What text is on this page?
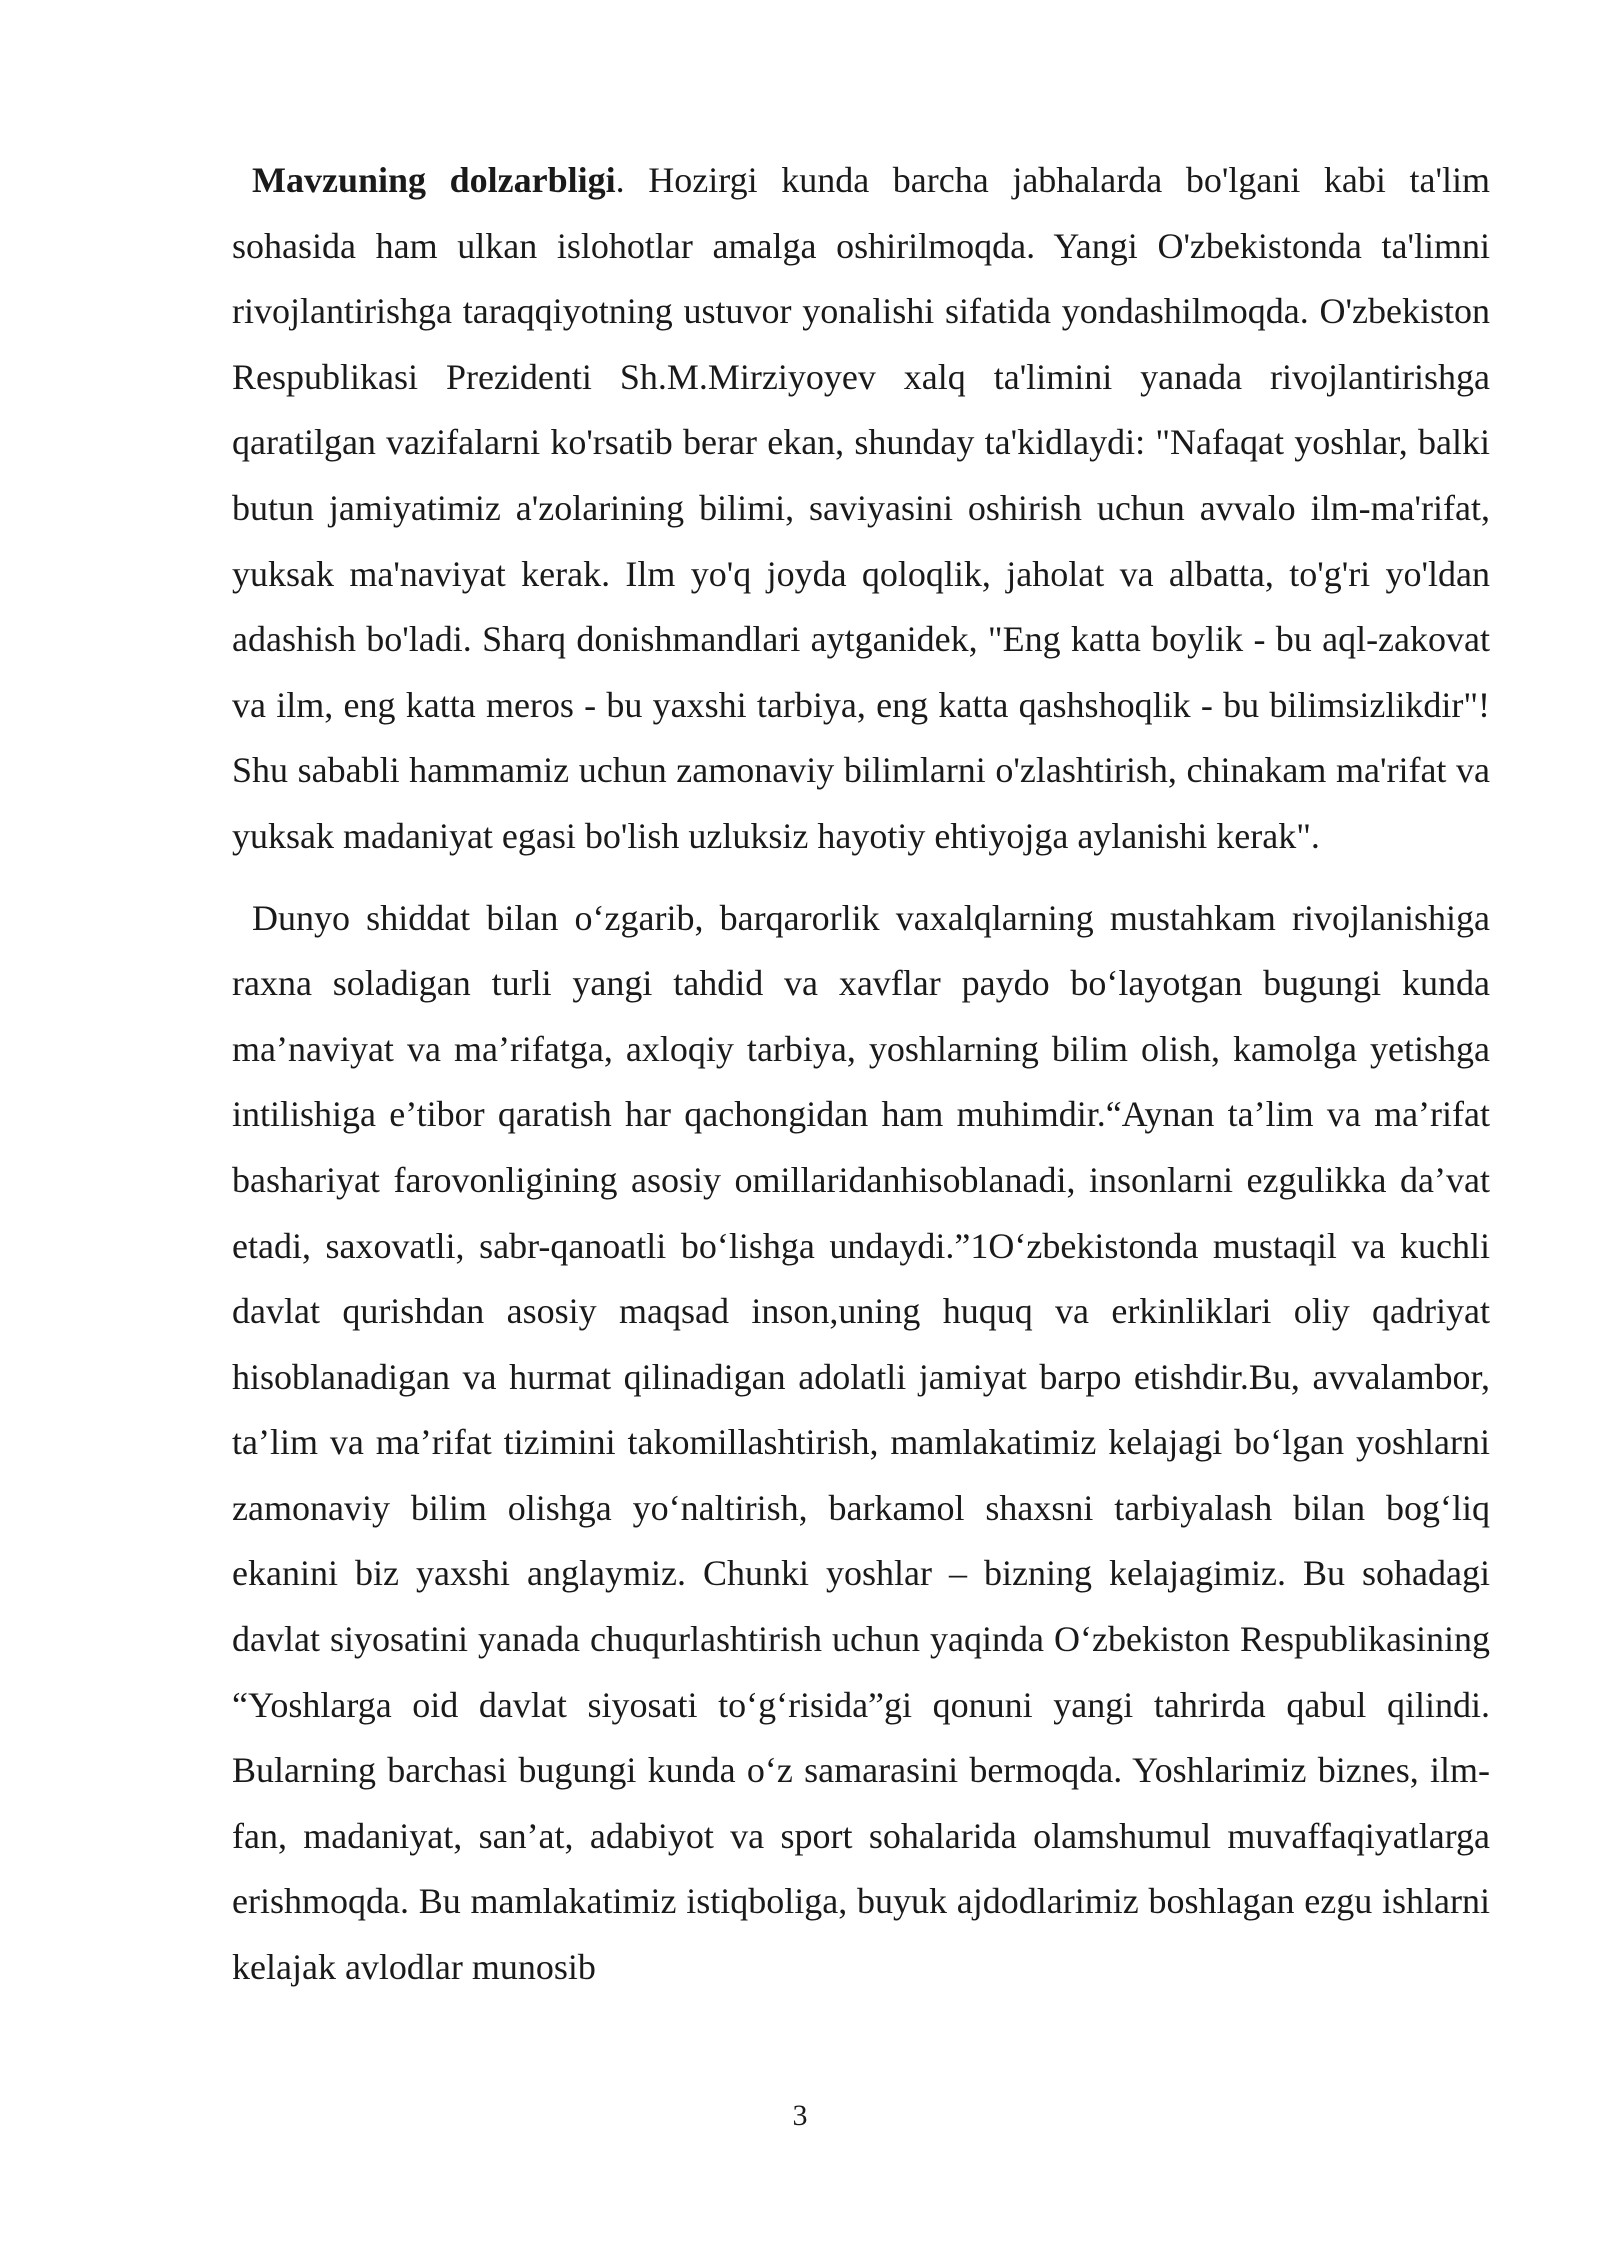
Mavzuning dolzarbligi. Hozirgi kunda barcha jabhalarda bo'lgani kabi ta'lim sohasida ham ulkan islohotlar amalga oshirilmoqda. Yangi O'zbekistonda ta'limni rivojlantirishga taraqqiyotning ustuvor yonalishi sifatida yondashilmoqda. O'zbekiston Respublikasi Prezidenti Sh.M.Mirziyoyev xalq ta'limini yanada rivojlantirishga qaratilgan vazifalarni ko'rsatib berar ekan, shunday ta'kidlaydi: "Nafaqat yoshlar, balki butun jamiyatimiz a'zolarining bilimi, saviyasini oshirish uchun avvalo ilm-ma'rifat, yuksak ma'naviyat kerak. Ilm yo'q joyda qoloqlik, jaholat va albatta, to'g'ri yo'ldan adashish bo'ladi. Sharq donishmandlari aytganidek, "Eng katta boylik - bu aql-zakovat va ilm, eng katta meros - bu yaxshi tarbiya, eng katta qashshoqlik - bu bilimsizlikdir"! Shu sababli hammamiz uchun zamonaviy bilimlarni o'zlashtirish, chinakam ma'rifat va yuksak madaniyat egasi bo'lish uzluksiz hayotiy ehtiyojga aylanishi kerak".

Dunyo shiddat bilan o‘zgarib, barqarorlik vaxalqlarning mustahkam rivojlanishiga raxna soladigan turli yangi tahdid va xavflar paydo bo‘layotgan bugungi kunda ma’naviyat va ma’rifatga, axloqiy tarbiya, yoshlarning bilim olish, kamolga yetishga intilishiga e’tibor qaratish har qachongidan ham muhimdir.“Aynan ta’lim va ma’rifat bashariyat farovonligining asosiy omillaridanhisoblanadi, insonlarni ezgulikka da’vat etadi, saxovatli, sabr-qanoatli bo‘lishga undaydi.”1O‘zbekistonda mustaqil va kuchli davlat qurishdan asosiy maqsad inson,uning huquq va erkinliklari oliy qadriyat hisoblanadigan va hurmat qilinadigan adolatli jamiyat barpo etishdir.Bu, avvalambor, ta’lim va ma’rifat tizimini takomillashtirish, mamlakatimiz kelajagi bo‘lgan yoshlarni zamonaviy bilim olishga yo‘naltirish, barkamol shaxsni tarbiyalash bilan bog‘liq ekanini biz yaxshi anglaymiz. Chunki yoshlar – bizning kelajagimiz. Bu sohadagi davlat siyosatini yanada chuqurlashtirish uchun yaqinda O‘zbekiston Respublikasining “Yoshlarga oid davlat siyosati to‘g‘risida”gi qonuni yangi tahrirda qabul qilindi. Bularning barchasi bugungi kunda o‘z samarasini bermoqda. Yoshlarimiz biznes, ilm-fan, madaniyat, san’at, adabiyot va sport sohalarida olamshumul muvaffaqiyatlarga erishmoqda. Bu mamlakatimiz istiqboliga, buyuk ajdodlarimiz boshlagan ezgu ishlarni kelajak avlodlar munosib

3
